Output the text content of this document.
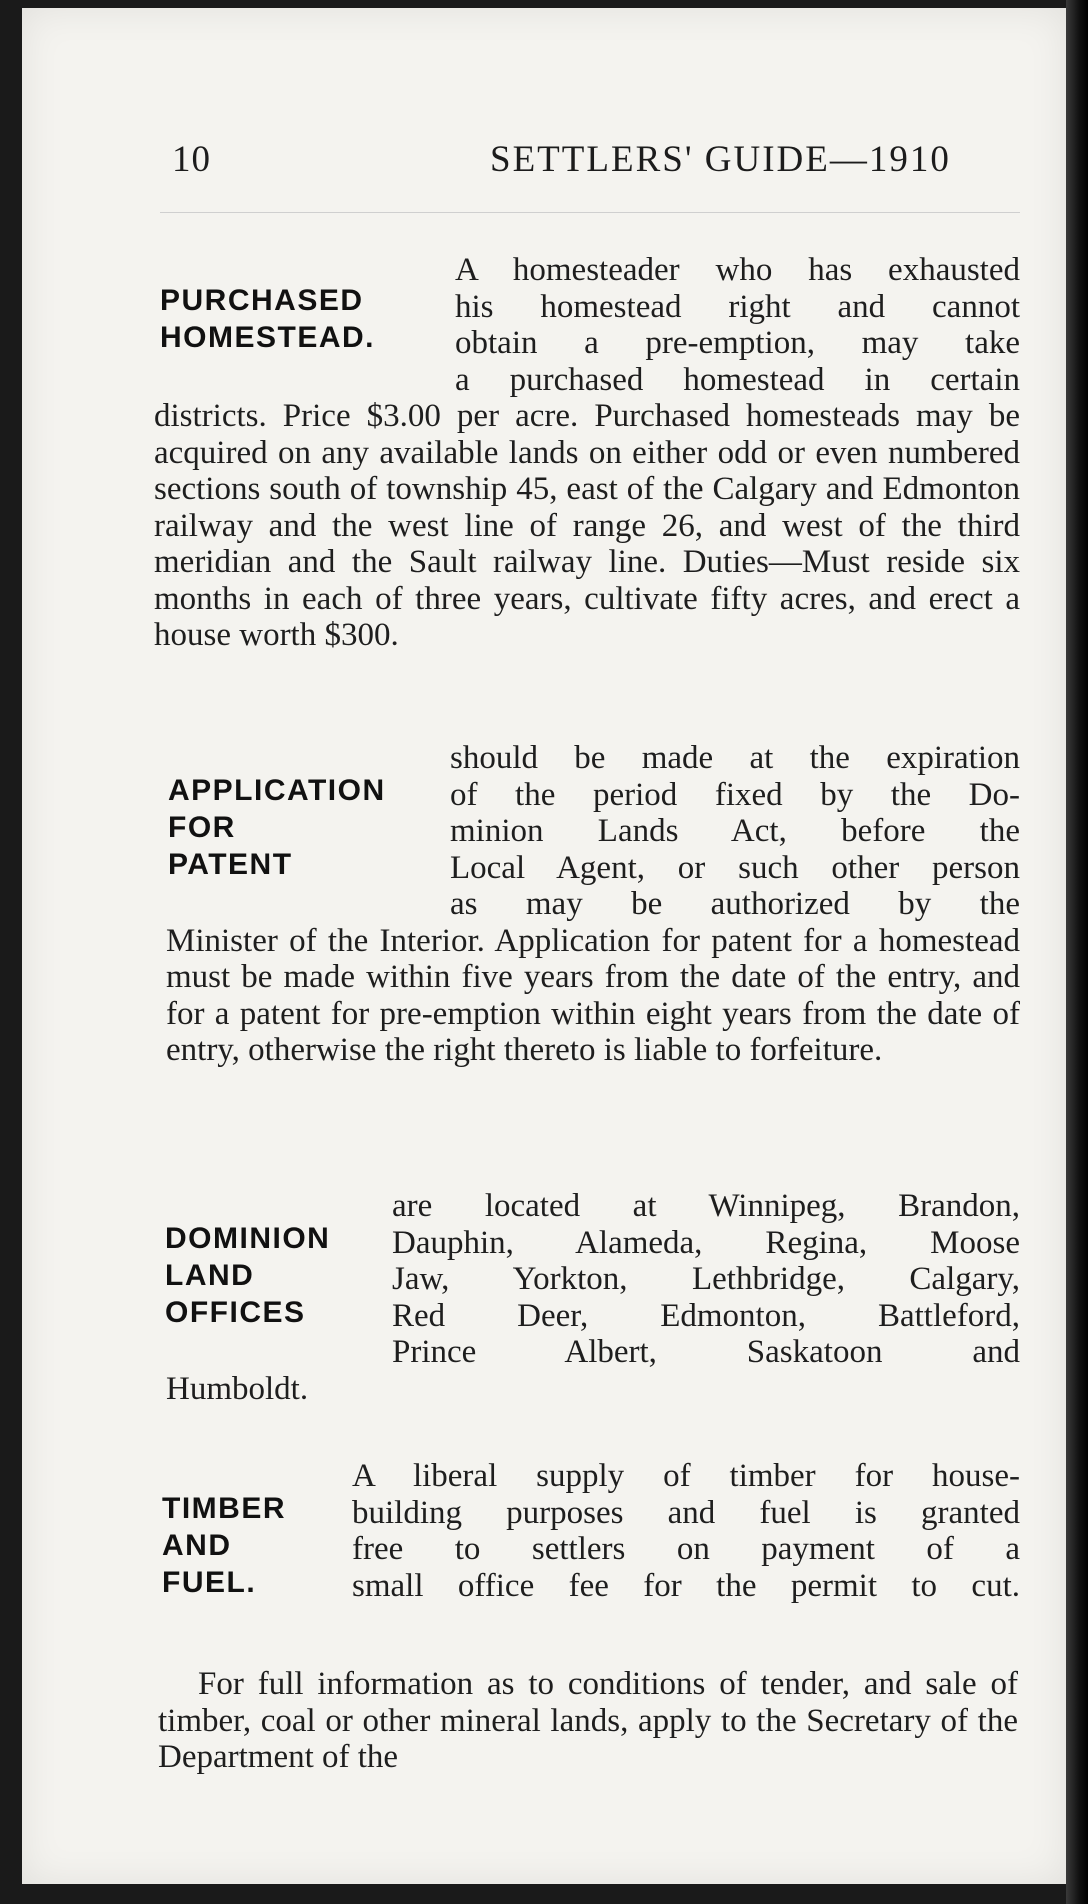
10	SETTLERS' GUIDE—1910
PURCHASED
HOMESTEAD.

A homesteader who has exhausted
his homestead right and cannot
obtain a pre-emption, may take
a purchased homestead in certain
districts. Price $3.00 per acre. Purchased homesteads may be acquired on any available lands on either odd or even numbered sections south of township 45, east of the Calgary and Edmonton railway and the west line of range 26, and west of the third meridian and the Sault railway line. Duties—Must reside six months in each of three years, cultivate fifty acres, and erect a house worth $300.

APPLICATION
FOR
PATENT

should be made at the expiration
of the period fixed by the Do-
minion Lands Act, before the
Local Agent, or such other person
as may be authorized by the
Minister of the Interior. Application for patent for a homestead must be made within five years from the date of the entry, and for a patent for pre-emption within eight years from the date of entry, otherwise the right thereto is liable to forfeiture.

DOMINION
LAND
OFFICES

are located at Winnipeg, Brandon,
Dauphin, Alameda, Regina, Moose
Jaw, Yorkton, Lethbridge, Calgary,
Red Deer, Edmonton, Battleford,
Prince Albert, Saskatoon and
Humboldt.

TIMBER
AND
FUEL.

A liberal supply of timber for house-
building purposes and fuel is granted
free to settlers on payment of a
small office fee for the permit to cut.

For full information as to conditions of tender, and sale of timber, coal or other mineral lands, apply to the Secretary of the Department of the
